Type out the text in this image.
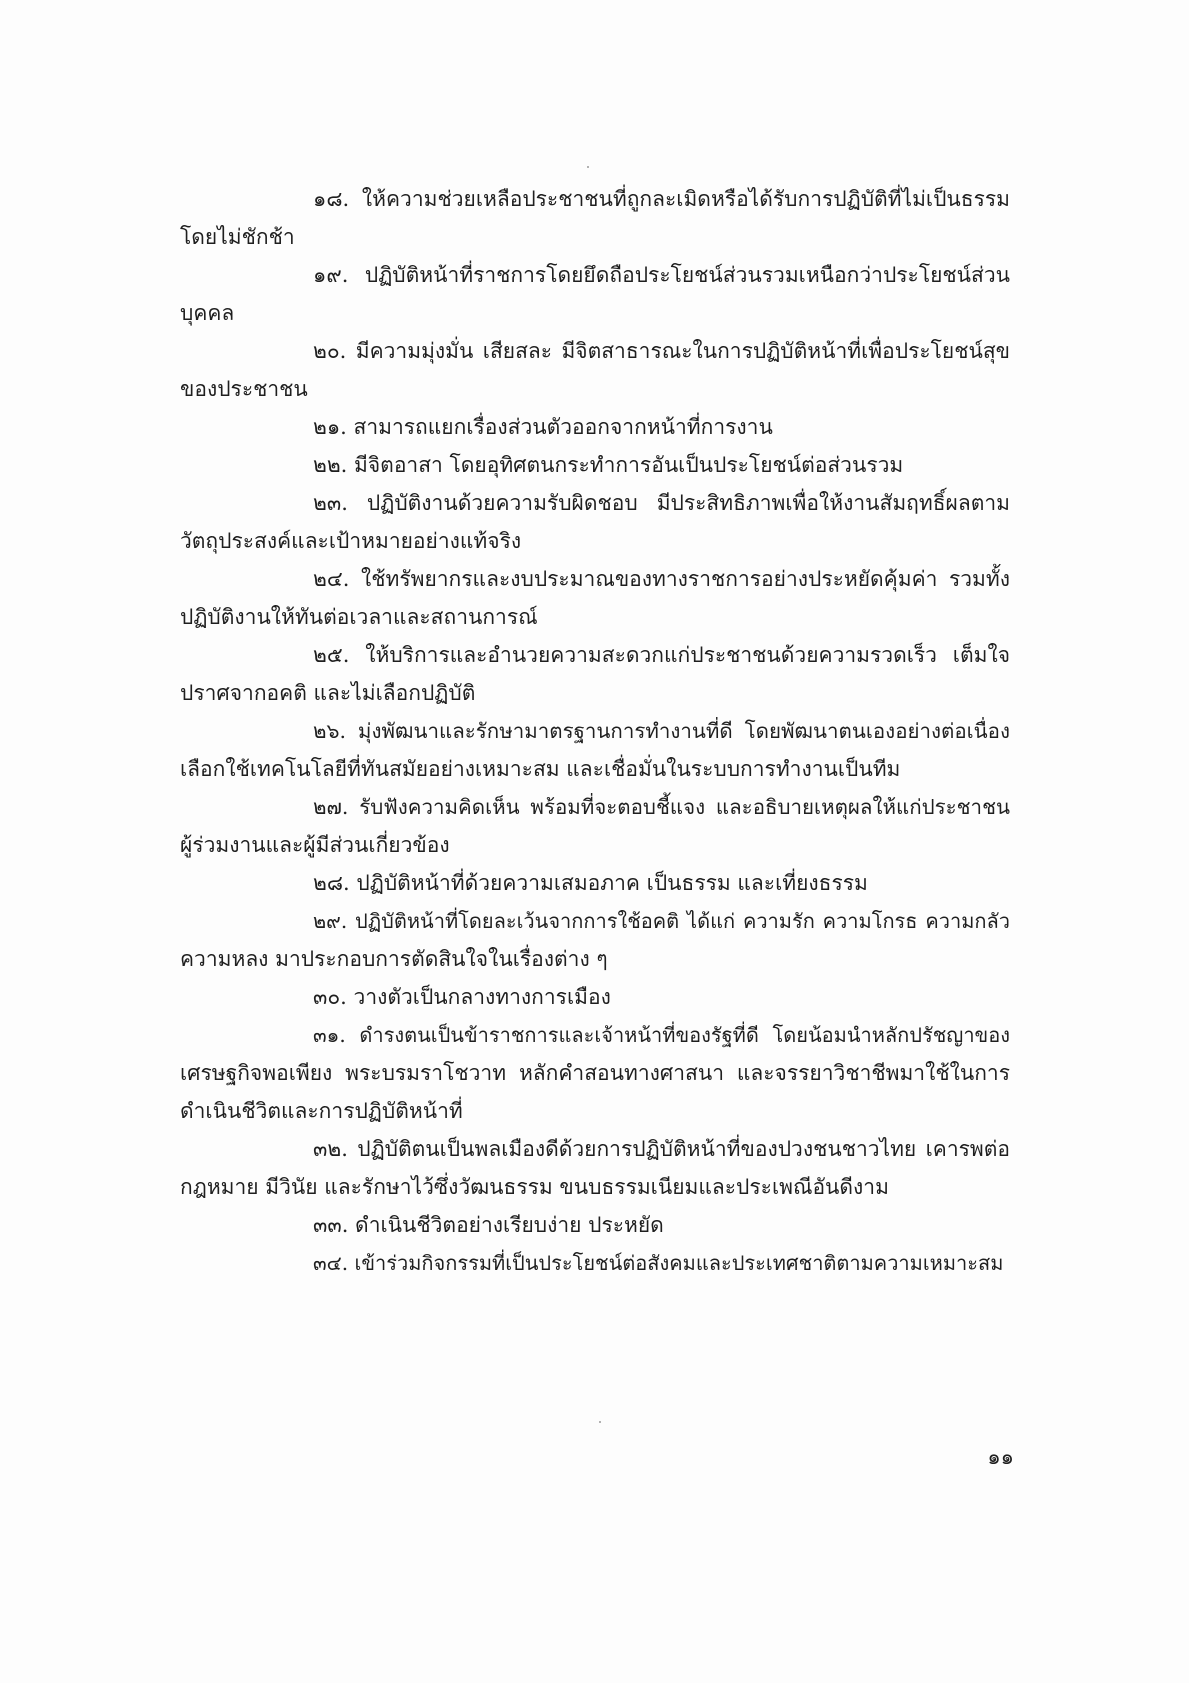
๑๘. ให้ความช่วยเหลือประชาชนที่ถูกละเมิดหรือได้รับการปฏิบัติที่ไม่เป็นธรรม
โดยไม่ชักช้า
๑๙. ปฏิบัติหน้าที่ราชการโดยยึดถือประโยชน์ส่วนรวมเหนือกว่าประโยชน์ส่วน
บุคคล
๒๐. มีความมุ่งมั่น เสียสละ มีจิตสาธารณะในการปฏิบัติหน้าที่เพื่อประโยชน์สุข
ของประชาชน
๒๑. สามารถแยกเรื่องส่วนตัวออกจากหน้าที่การงาน
๒๒. มีจิตอาสา โดยอุทิศตนกระทำการอันเป็นประโยชน์ต่อส่วนรวม
๒๓. ปฏิบัติงานด้วยความรับผิดชอบ มีประสิทธิภาพเพื่อให้งานสัมฤทธิ์ผลตาม
วัตถุประสงค์และเป้าหมายอย่างแท้จริง
๒๔. ใช้ทรัพยากรและงบประมาณของทางราชการอย่างประหยัดคุ้มค่า รวมทั้ง
ปฏิบัติงานให้ทันต่อเวลาและสถานการณ์
๒๕. ให้บริการและอำนวยความสะดวกแก่ประชาชนด้วยความรวดเร็ว เต็มใจ
ปราศจากอคติ และไม่เลือกปฏิบัติ
๒๖. มุ่งพัฒนาและรักษามาตรฐานการทำงานที่ดี โดยพัฒนาตนเองอย่างต่อเนื่อง
เลือกใช้เทคโนโลยีที่ทันสมัยอย่างเหมาะสม และเชื่อมั่นในระบบการทำงานเป็นทีม
๒๗. รับฟังความคิดเห็น พร้อมที่จะตอบชี้แจง และอธิบายเหตุผลให้แก่ประชาชน
ผู้ร่วมงานและผู้มีส่วนเกี่ยวข้อง
๒๘. ปฏิบัติหน้าที่ด้วยความเสมอภาค เป็นธรรม และเที่ยงธรรม
๒๙. ปฏิบัติหน้าที่โดยละเว้นจากการใช้อคติ ได้แก่ ความรัก ความโกรธ ความกลัว
ความหลง มาประกอบการตัดสินใจในเรื่องต่าง ๆ
๓๐. วางตัวเป็นกลางทางการเมือง
๓๑. ดำรงตนเป็นข้าราชการและเจ้าหน้าที่ของรัฐที่ดี โดยน้อมนำหลักปรัชญาของ
เศรษฐกิจพอเพียง พระบรมราโชวาท หลักคำสอนทางศาสนา และจรรยาวิชาชีพมาใช้ในการ
ดำเนินชีวิตและการปฏิบัติหน้าที่
๓๒. ปฏิบัติตนเป็นพลเมืองดีด้วยการปฏิบัติหน้าที่ของปวงชนชาวไทย เคารพต่อ
กฎหมาย มีวินัย และรักษาไว้ซึ่งวัฒนธรรม ขนบธรรมเนียมและประเพณีอันดีงาม
๓๓. ดำเนินชีวิตอย่างเรียบง่าย ประหยัด
๓๔. เข้าร่วมกิจกรรมที่เป็นประโยชน์ต่อสังคมและประเทศชาติตามความเหมาะสม
๑๑
